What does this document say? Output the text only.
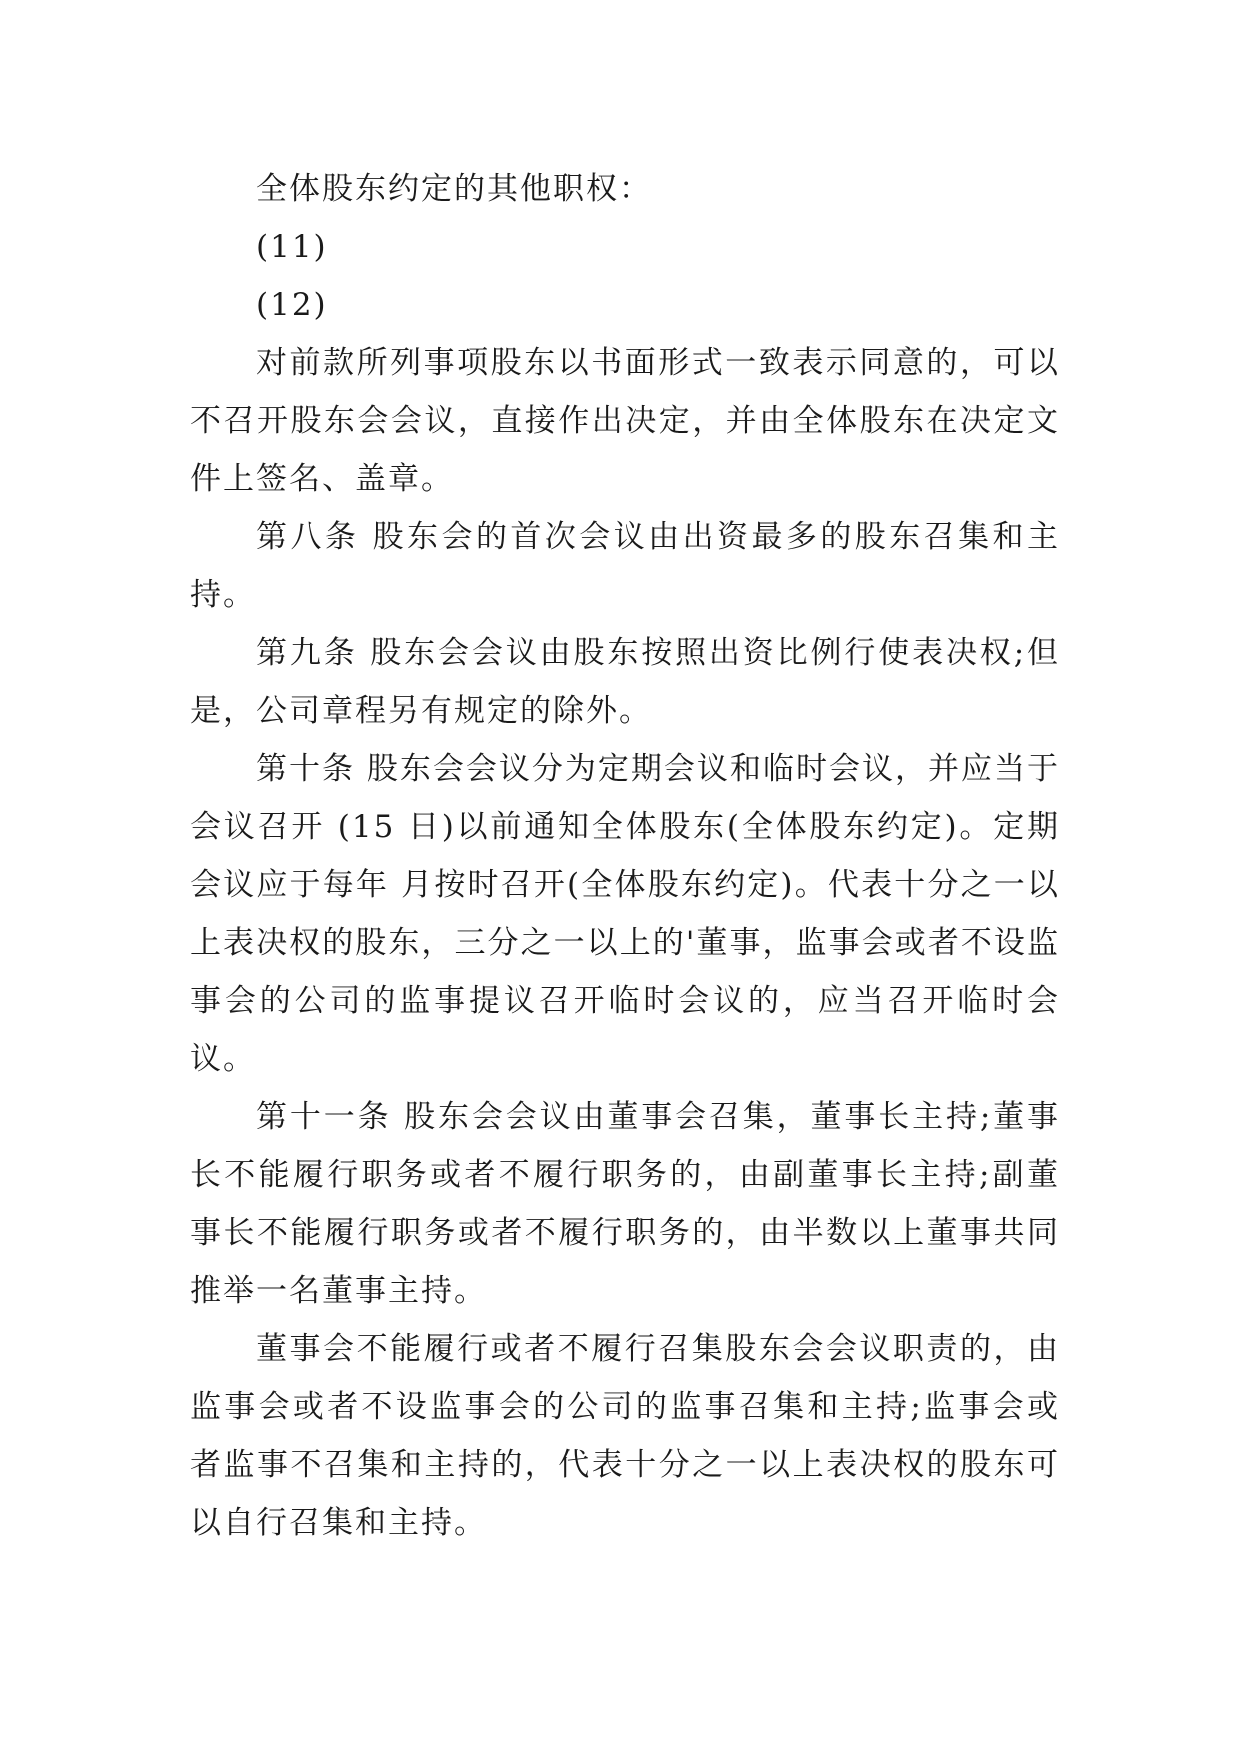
全体股东约定的其他职权：

(11)

(12)

对前款所列事项股东以书面形式一致表示同意的，可以不召开股东会会议，直接作出决定，并由全体股东在决定文件上签名、盖章。

第八条 股东会的首次会议由出资最多的股东召集和主持。

第九条 股东会会议由股东按照出资比例行使表决权;但是，公司章程另有规定的除外。

第十条 股东会会议分为定期会议和临时会议，并应当于会议召开 (15 日)以前通知全体股东(全体股东约定)。定期会议应于每年 月按时召开(全体股东约定)。代表十分之一以上表决权的股东，三分之一以上的'董事，监事会或者不设监事会的公司的监事提议召开临时会议的，应当召开临时会议。

第十一条 股东会会议由董事会召集，董事长主持;董事长不能履行职务或者不履行职务的，由副董事长主持;副董事长不能履行职务或者不履行职务的，由半数以上董事共同推举一名董事主持。

董事会不能履行或者不履行召集股东会会议职责的，由监事会或者不设监事会的公司的监事召集和主持;监事会或者监事不召集和主持的，代表十分之一以上表决权的股东可以自行召集和主持。
